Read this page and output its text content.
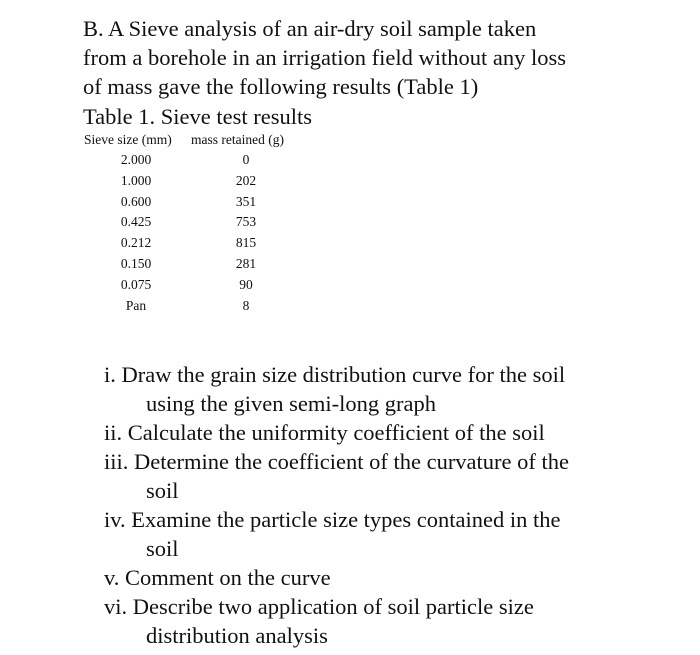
B. A Sieve analysis of an air-dry soil sample taken
from a borehole in an irrigation field without any loss
of mass gave the following results (Table 1)
Table 1. Sieve test results
Sieve size (mm) mass retained (g)
2.000	0
1.000	202
0.600	351
0.425	753
0.212	815
0.150	281
0.075	90
Pan	8
i. Draw the grain size distribution curve for the soil
using the given semi-long graph
ii. Calculate the uniformity coefficient of the soil
iii. Determine the coefficient of the curvature of the
soil
iv. Examine the particle size types contained in the
soil
v. Comment on the curve
vi. Describe two application of soil particle size
distribution analysis
